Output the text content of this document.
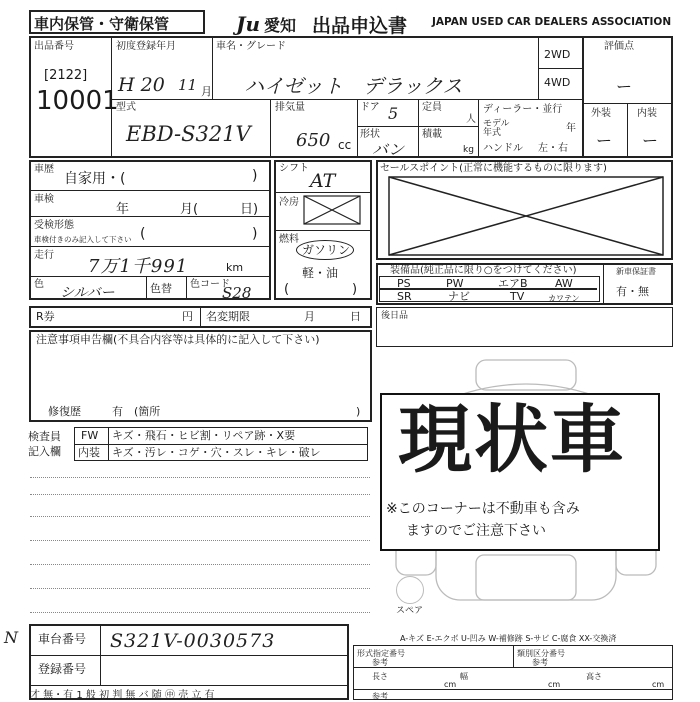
車内保管・守衛保管	Ju 愛知 出品申込書 JAPAN USED CAR DEALERS ASSOCIATION
出品番号
[2122]
10001
初度登録年月
H 20 11 月
車名・グレード
ハイゼット　デラックス
2WD
4WD
評価点
ー
型式
EBD-S321V
排気量
650 cc
ドア 5
形状
バン
定員
人
積載
kg
ディーラー・並行
モデル年式	年
ハンドル 左・右
外装	内装
ー ー
車歴
自家用・(	)
車検
年	月(	日)
受検形態
車検付きのみ記入して下さい (	)
走行
7万1千991	km
色
シルバー	色替 色コード
S28
シフト
AT
冷房
燃料
ガソリン
軽・油
(	)
セールスポイント(正常に機能するものに限ります)
装備品(純正品に限り○をつけてください)
PS	PW	エアB AW
SR	ナビ	TV	カワテン
新車保証書
有・無
R券	円 名変期限	月	日 後日品
注意事項申告欄(不具合内容等は具体的に記入して下さい)
修復歴	有　(箇所	)
検査員
記入欄
FW キズ・飛石・ヒビ割・リペア跡・X要
内装 キズ・汚レ・コゲ・穴・スレ・キレ・破レ
スペア
現状車
※このコーナーは不動車も含み
ますのでご注意下さい
A-キズ E-エクボ U-凹み W-補修跡 S-サビ C-腐食 XX-交換済
N 車台番号 S321V-0030573
登録番号
形式指定番号
参考
類別区分番号
参考
長さ
cm
幅
cm
高さ
cm
参考
才 無・有 1 般 初 判 無 バ 随 ㊥ 売 立 有
